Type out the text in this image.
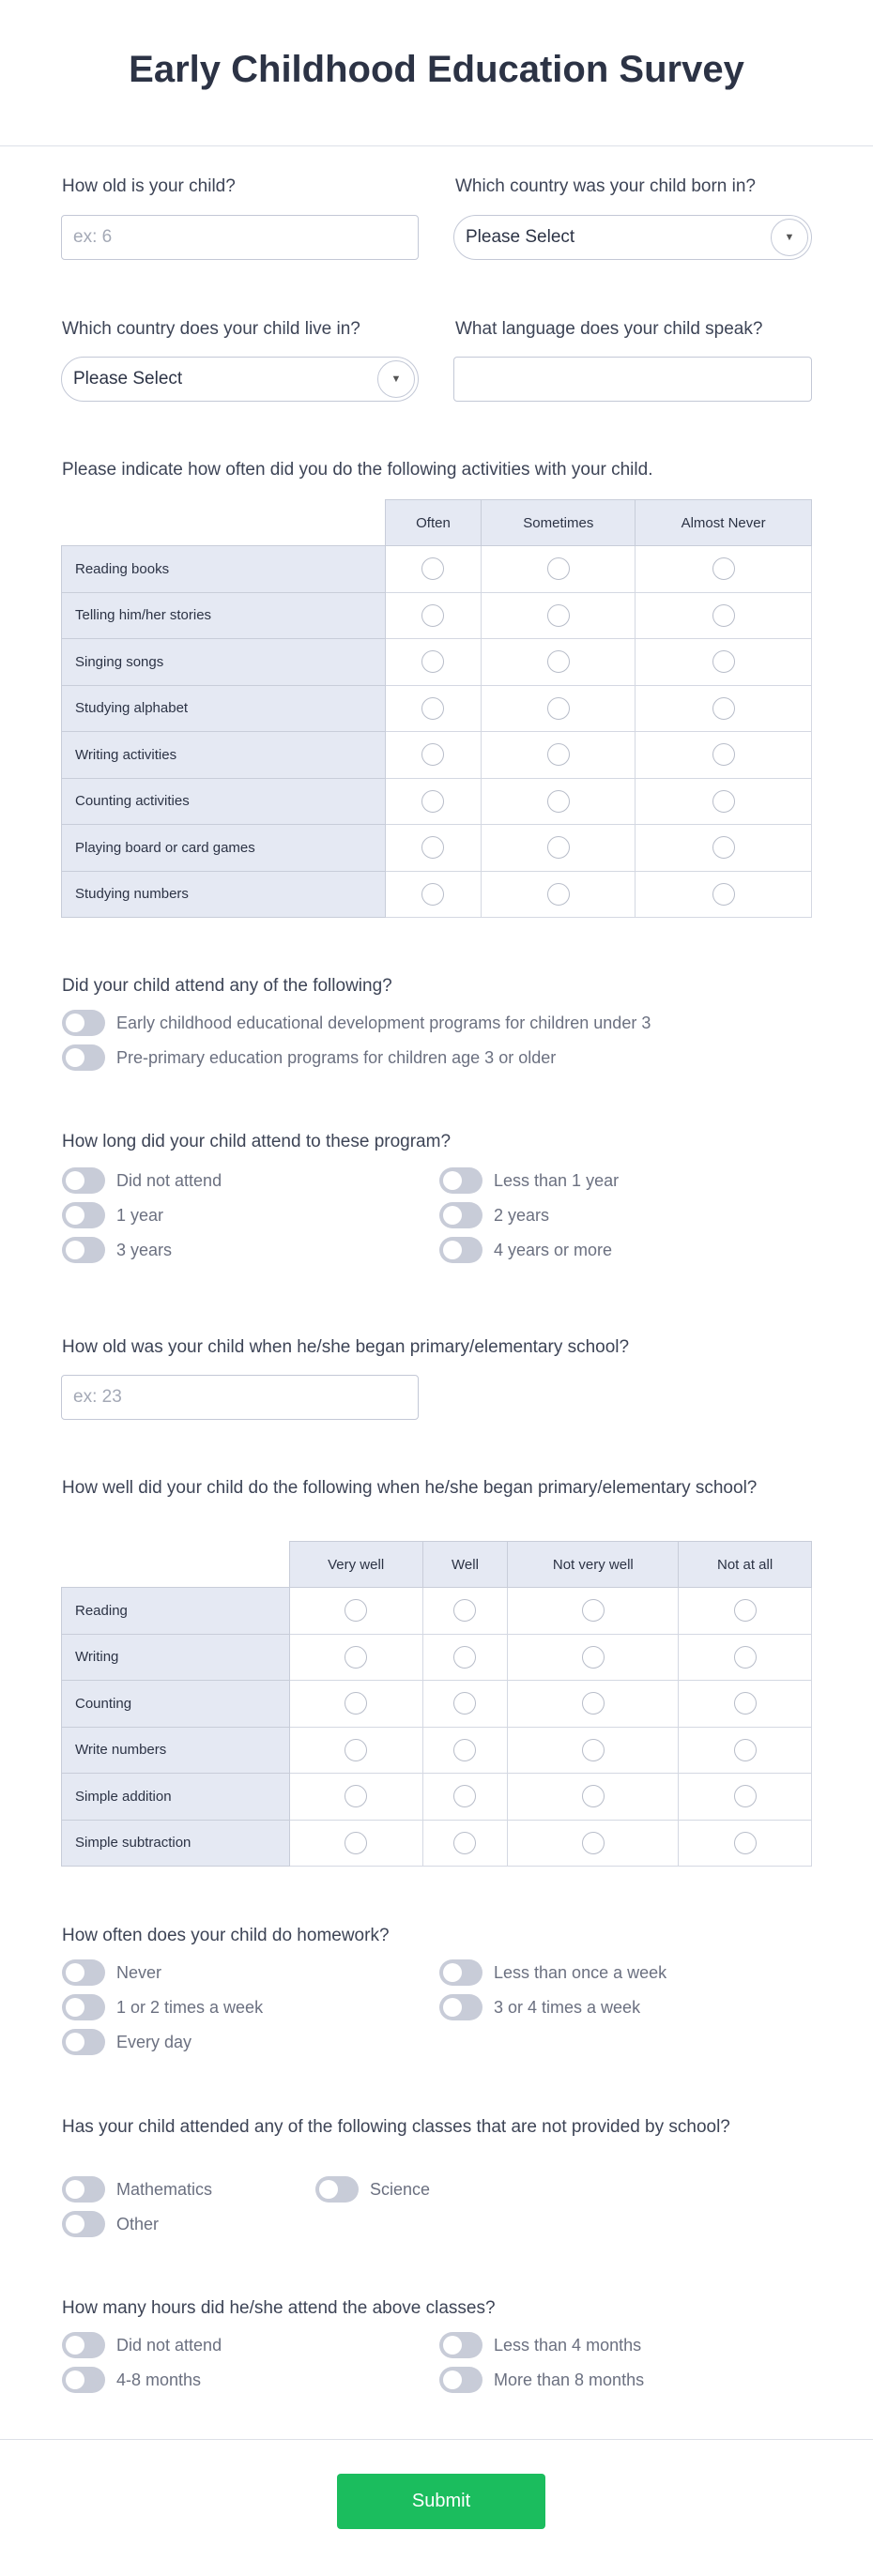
Early Childhood Education Survey
How old is your child?
ex: 6
Which country was your child born in?
Please Select	▼
Which country does your child live in?
Please Select	▼
What language does your child speak?
Please indicate how often did you do the following activities with your child.
	Often	Sometimes	Almost Never
Reading books			
Telling him/her stories			
Singing songs			
Studying alphabet			
Writing activities			
Counting activities			
Playing board or card games			
Studying numbers			
Did your child attend any of the following?
Early childhood educational development programs for children under 3
Pre-primary education programs for children age 3 or older
How long did your child attend to these program?
Did not attend	Less than 1 year
1 year	2 years
3 years	4 years or more
How old was your child when he/she began primary/elementary school?
ex: 23
How well did your child do the following when he/she began primary/elementary school?
	Very well	Well	Not very well	Not at all
Reading				
Writing				
Counting				
Write numbers				
Simple addition				
Simple subtraction				
How often does your child do homework?
Never	Less than once a week
1 or 2 times a week	3 or 4 times a week
Every day
Has your child attended any of the following classes that are not provided by school?
Mathematics	Science
Other
How many hours did he/she attend the above classes?
Did not attend	Less than 4 months
4-8 months	More than 8 months
Submit
